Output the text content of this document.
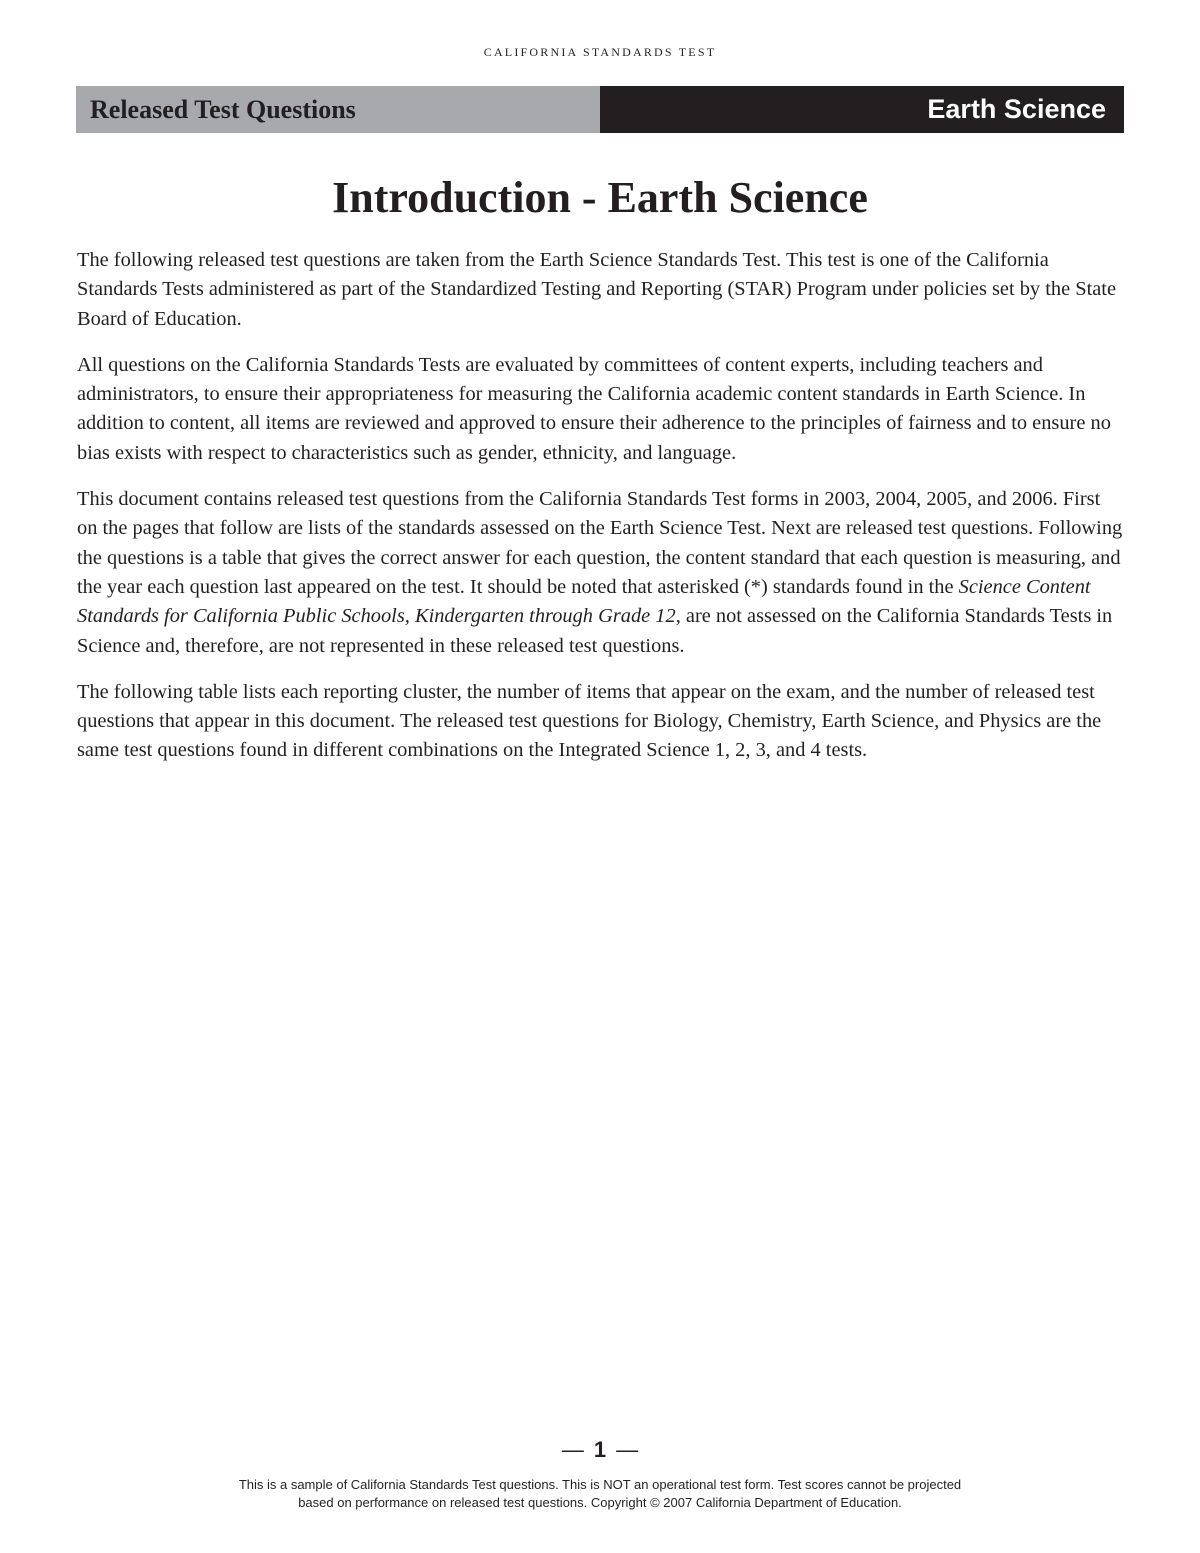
CALIFORNIA STANDARDS TEST
Released Test Questions	Earth Science
Introduction - Earth Science

The following released test questions are taken from the Earth Science Standards Test. This test is one of the California Standards Tests administered as part of the Standardized Testing and Reporting (STAR) Program under policies set by the State Board of Education.

All questions on the California Standards Tests are evaluated by committees of content experts, including teachers and administrators, to ensure their appropriateness for measuring the California academic content standards in Earth Science. In addition to content, all items are reviewed and approved to ensure their adherence to the principles of fairness and to ensure no bias exists with respect to characteristics such as gender, ethnicity, and language.

This document contains released test questions from the California Standards Test forms in 2003, 2004, 2005, and 2006. First on the pages that follow are lists of the standards assessed on the Earth Science Test. Next are released test questions. Following the questions is a table that gives the correct answer for each question, the content standard that each question is measuring, and the year each question last appeared on the test. It should be noted that asterisked (*) standards found in the Science Content Standards for California Public Schools, Kindergarten through Grade 12, are not assessed on the California Standards Tests in Science and, therefore, are not represented in these released test questions.

The following table lists each reporting cluster, the number of items that appear on the exam, and the number of released test questions that appear in this document. The released test questions for Biology, Chemistry, Earth Science, and Physics are the same test questions found in different combinations on the Integrated Science 1, 2, 3, and 4 tests.

— 1 —
This is a sample of California Standards Test questions. This is NOT an operational test form. Test scores cannot be projected
based on performance on released test questions. Copyright © 2007 California Department of Education.
